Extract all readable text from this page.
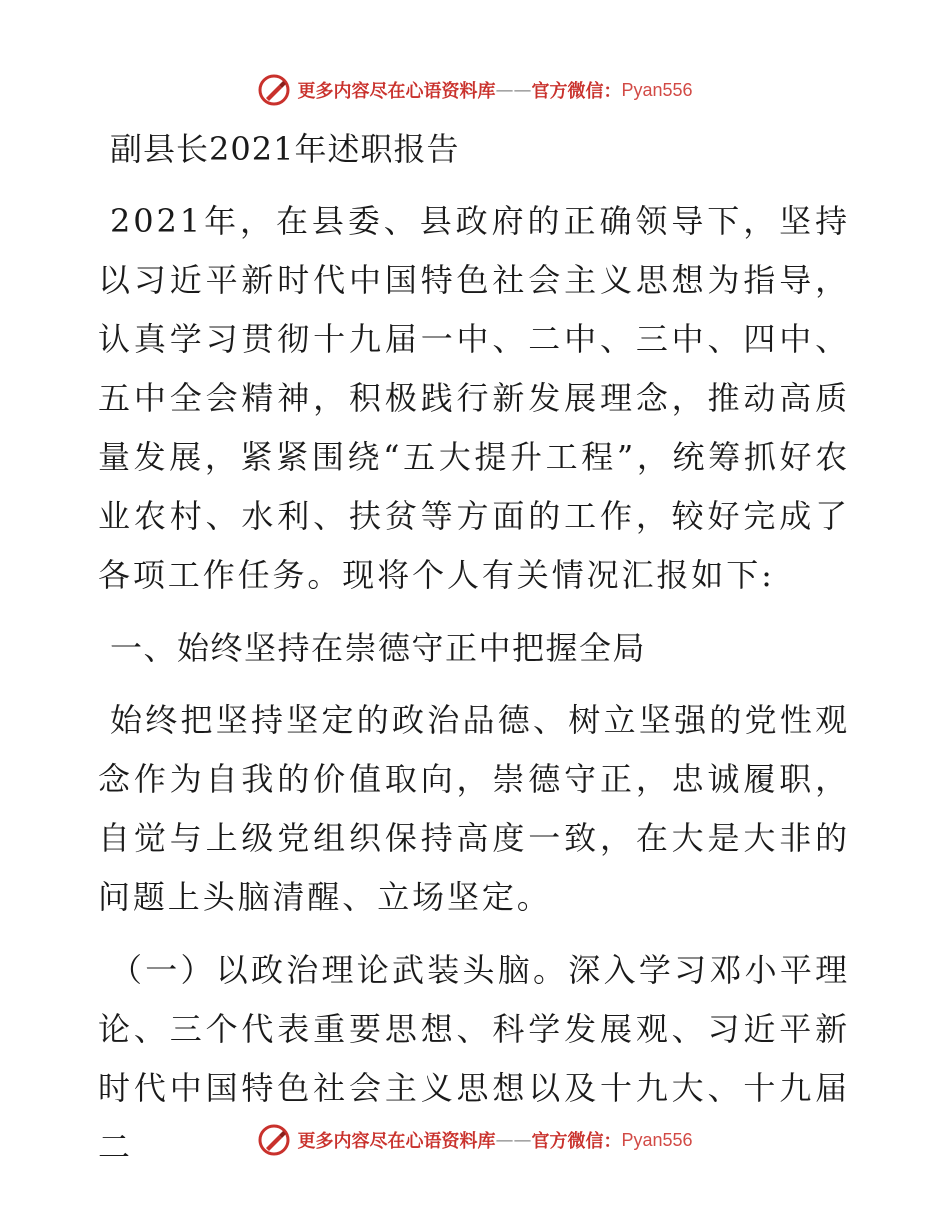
更多内容尽在心语资料库 —— 官方微信： Pyan556
副县长2021年述职报告
2021年，在县委、县政府的正确领导下，坚持以习近平新时代中国特色社会主义思想为指导，认真学习贯彻十九届一中、二中、三中、四中、五中全会精神，积极践行新发展理念，推动高质量发展，紧紧围绕“五大提升工程”，统筹抓好农业农村、水利、扶贫等方面的工作，较好完成了各项工作任务。现将个人有关情况汇报如下:
一、始终坚持在崇德守正中把握全局
始终把坚持坚定的政治品德、树立坚强的党性观念作为自我的价值取向，崇德守正，忠诚履职，自觉与上级党组织保持高度一致，在大是大非的问题上头脑清醒、立场坚定。
（一）以政治理论武装头脑。深入学习邓小平理论、三个代表重要思想、科学发展观、习近平新时代中国特色社会主义思想以及十九大、十九届二	更多内容尽在心语资料库 —— 官方微信： Pyan556
